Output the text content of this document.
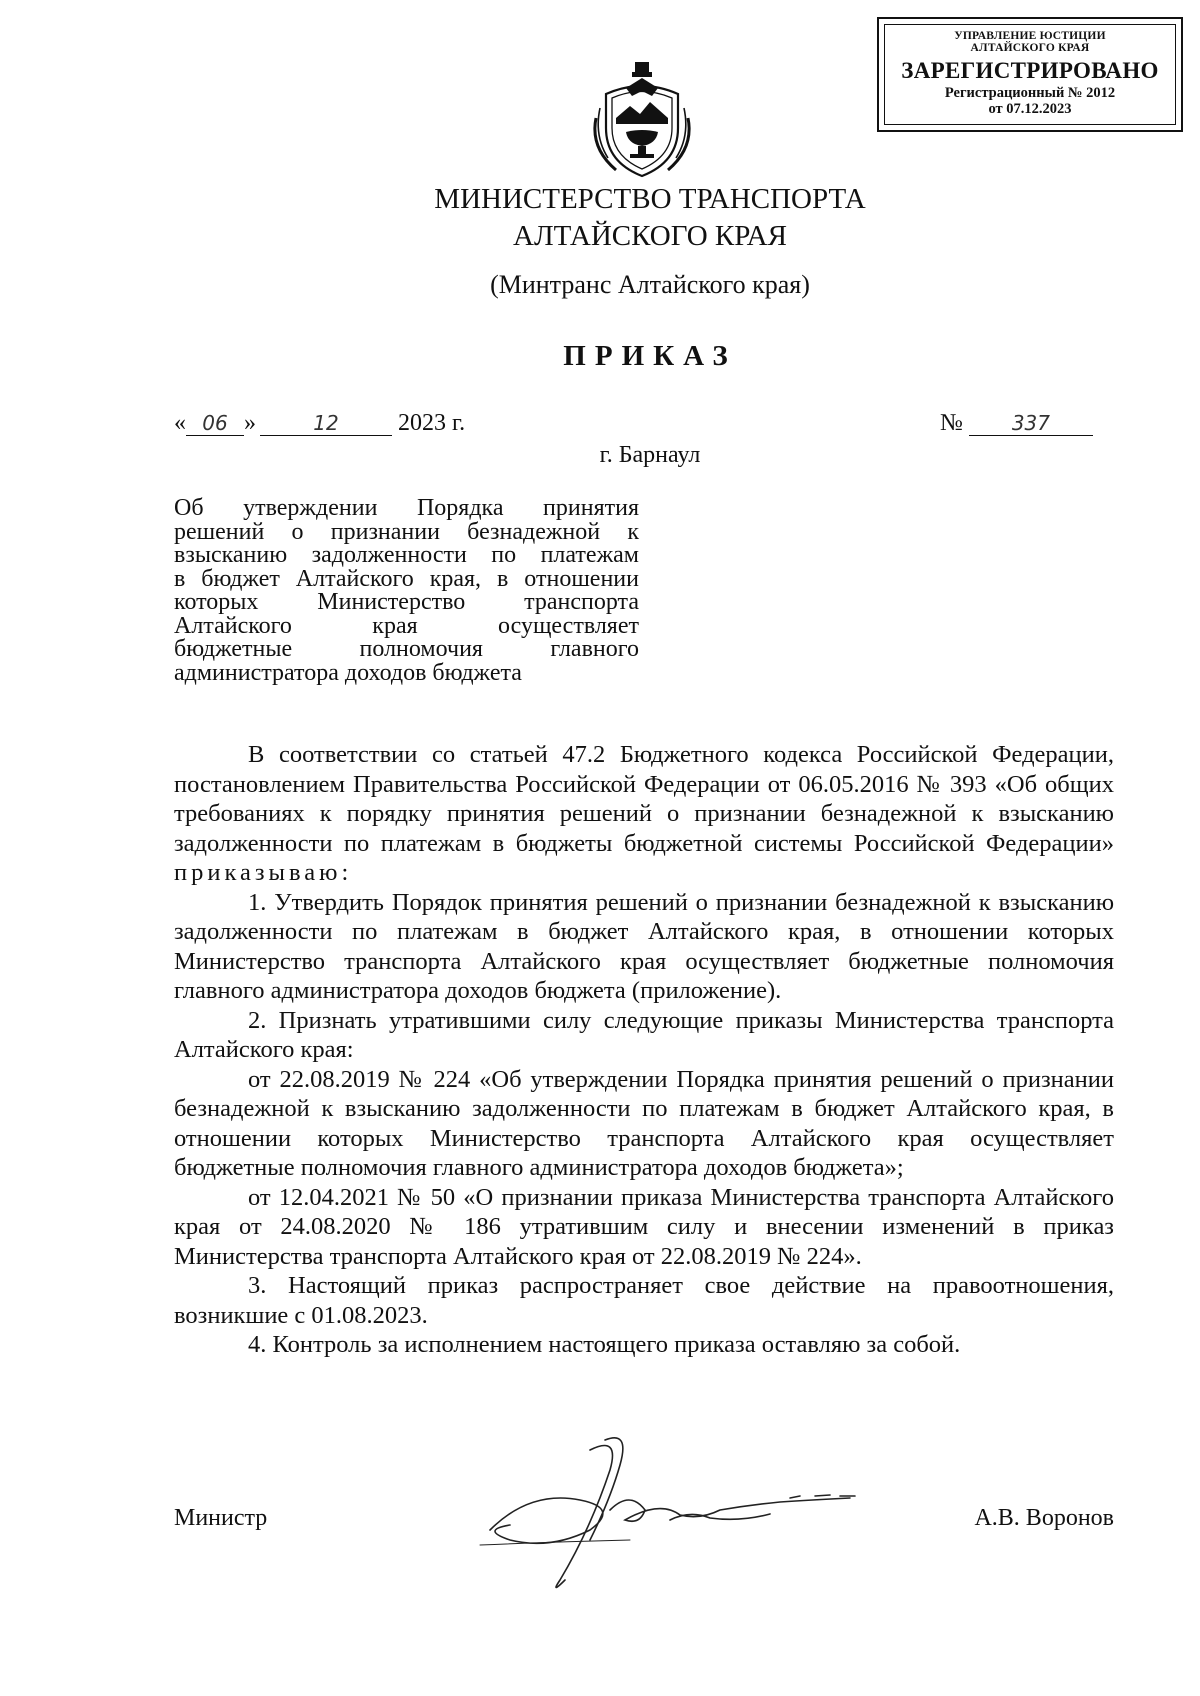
УПРАВЛЕНИЕ ЮСТИЦИИ
АЛТАЙСКОГО КРАЯ
ЗАРЕГИСТРИРОВАНО
Регистрационный № 2012
от 07.12.2023
МИНИСТЕРСТВО ТРАНСПОРТА
АЛТАЙСКОГО КРАЯ
(Минтранс Алтайского края)
ПРИКАЗ
« 06 »	12 2023 г.	№ 337
г. Барнаул

Об утверждении Порядка принятия

решений о признании безнадежной к

взысканию задолженности по платежам

в бюджет Алтайского края, в отношении

которых Министерство транспорта

Алтайского края осуществляет

бюджетные полномочия главного

администратора доходов бюджета

В соответствии со статьей 47.2 Бюджетного кодекса Российской Федерации, постановлением Правительства Российской Федерации от 06.05.2016 № 393 «Об общих требованиях к порядку принятия решений о признании безнадежной к взысканию задолженности по платежам в бюджеты бюджетной системы Российской Федерации» приказываю:

1. Утвердить Порядок принятия решений о признании безнадежной к взысканию задолженности по платежам в бюджет Алтайского края, в отношении которых Министерство транспорта Алтайского края осуществляет бюджетные полномочия главного администратора доходов бюджета (приложение).

2. Признать утратившими силу следующие приказы Министерства транспорта Алтайского края:

от 22.08.2019 № 224 «Об утверждении Порядка принятия решений о признании безнадежной к взысканию задолженности по платежам в бюджет Алтайского края, в отношении которых Министерство транспорта Алтайского края осуществляет бюджетные полномочия главного администратора доходов бюджета»;

от 12.04.2021 № 50 «О признании приказа Министерства транспорта Алтайского края от 24.08.2020 № 186 утратившим силу и внесении изменений в приказ Министерства транспорта Алтайского края от 22.08.2019 № 224».

3. Настоящий приказ распространяет свое действие на правоотношения, возникшие с 01.08.2023.

4. Контроль за исполнением настоящего приказа оставляю за собой.

Министр	А.В. Воронов
